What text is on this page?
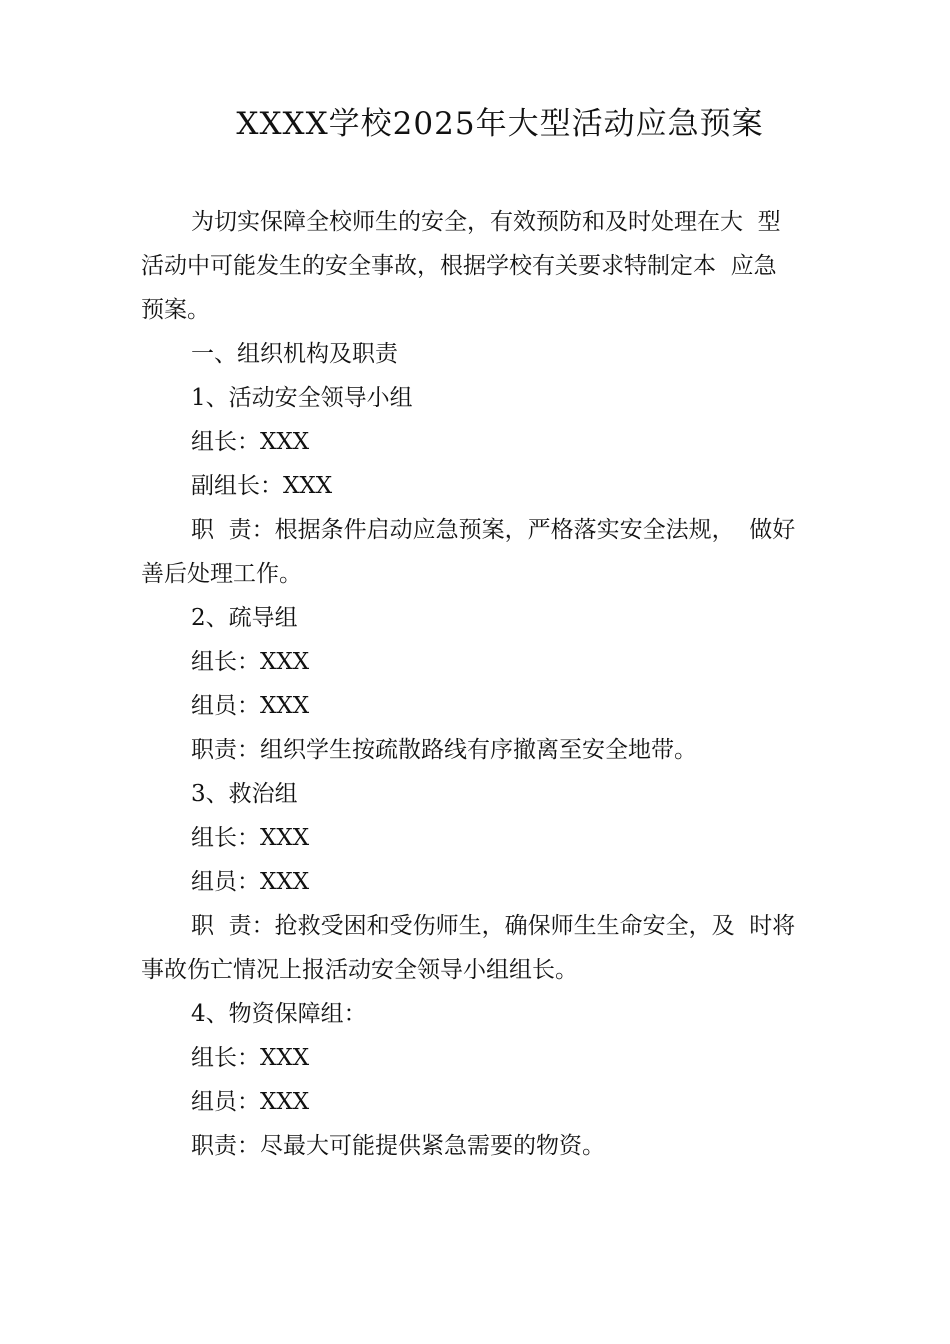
XXXX学校2025年大型活动应急预案
为切实保障全校师生的安全，有效预防和及时处理在大  型
活动中可能发生的安全事故，根据学校有关要求特制定本  应急
预案。
一、组织机构及职责
1、活动安全领导小组
组长：XXX
副组长：XXX
职  责：根据条件启动应急预案，严格落实安全法规，  做好
善后处理工作。
2、疏导组
组长：XXX
组员：XXX
职责：组织学生按疏散路线有序撤离至安全地带。
3、救治组
组长：XXX
组员：XXX
职  责：抢救受困和受伤师生，确保师生生命安全，及  时将
事故伤亡情况上报活动安全领导小组组长。
4、物资保障组：
组长：XXX
组员：XXX
职责：尽最大可能提供紧急需要的物资。
